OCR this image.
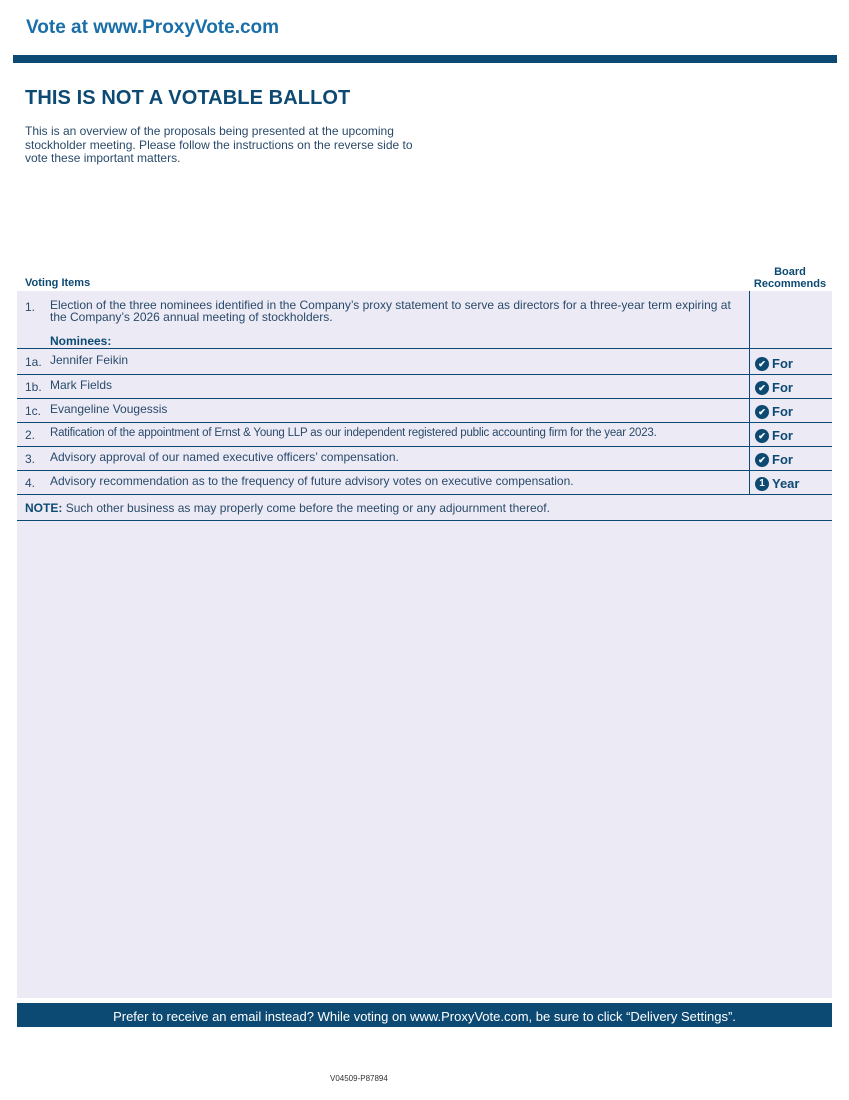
Vote at www.ProxyVote.com
THIS IS NOT A VOTABLE BALLOT
This is an overview of the proposals being presented at the upcoming stockholder meeting. Please follow the instructions on the reverse side to vote these important matters.
Voting Items
Board Recommends
1. Election of the three nominees identified in the Company’s proxy statement to serve as directors for a three-year term expiring at the Company’s 2026 annual meeting of stockholders.
Nominees:
1a. Jennifer Feikin	✔ For
1b. Mark Fields	✔ For
1c. Evangeline Vougessis	✔ For
2. Ratification of the appointment of Ernst & Young LLP as our independent registered public accounting firm for the year 2023.	✔ For
3. Advisory approval of our named executive officers’ compensation.	✔ For
4. Advisory recommendation as to the frequency of future advisory votes on executive compensation.	1 Year
NOTE: Such other business as may properly come before the meeting or any adjournment thereof.
Prefer to receive an email instead? While voting on www.ProxyVote.com, be sure to click “Delivery Settings”.
V04509-P87894
